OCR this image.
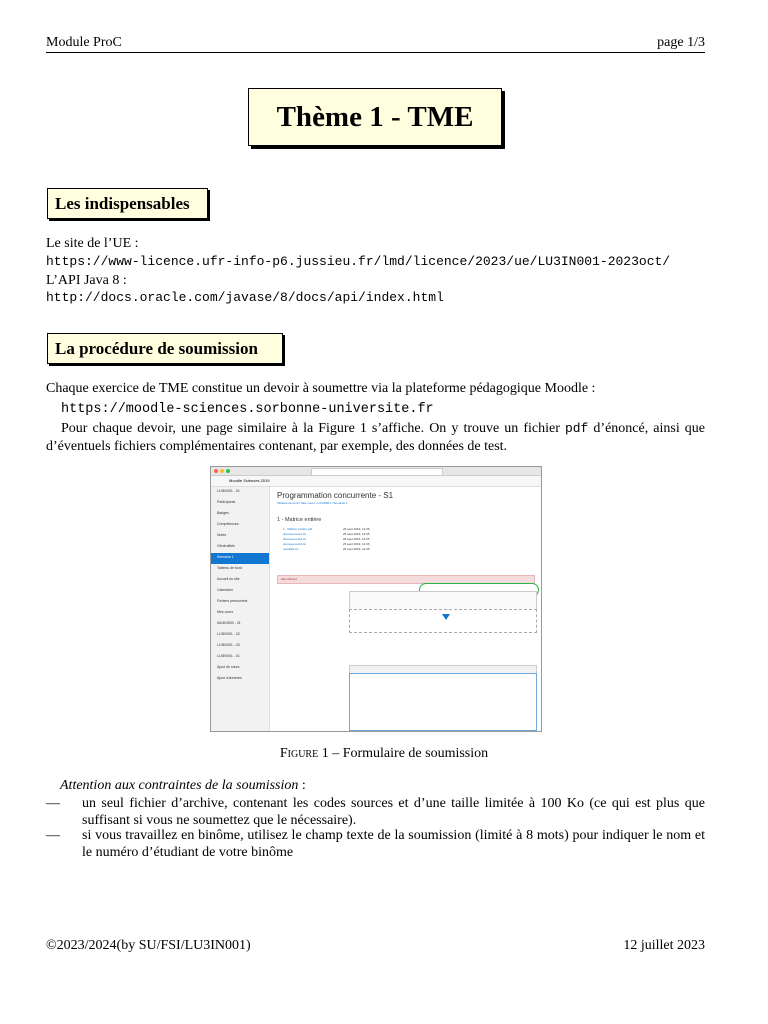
Module ProC	page 1/3
Thème 1 - TME
Les indispensables
Le site de l’UE :
https://www-licence.ufr-info-p6.jussieu.fr/lmd/licence/2023/ue/LU3IN001-2023oct/
L’API Java 8 :
http://docs.oracle.com/javase/8/docs/api/index.html
La procédure de soumission
Chaque exercice de TME constitue un devoir à soumettre via la plateforme pédagogique Moodle :
https://moodle-sciences.sorbonne-universite.fr
Pour chaque devoir, une page similaire à la Figure 1 s’affiche. On y trouve un fichier pdf d’énoncé, ainsi que d’éventuels fichiers complémentaires contenant, par exemple, des données de test.
Moodle Sciences 2019
LU3IN001 - 01
Participants
Badges
Compétences
Notes
Généralités
Semaine 1
Tableau de bord
Accueil du site
Calendrier
Fichiers personnels
Mes cours
MU4IN500 - 01
LU3IN001 - 02
LU3IN001 - 03
LU3IN001 - 01
Ajout de cours
Ajout d'annexes
Programmation concurrente - S1
Tableau de bord / Mes cours / LU3IN001 / Semaine 1
1 - Matrice entière
1 - Matrice entière.pdf	26 sept 2019, 14:36
donnees-test1.txt	26 sept 2019, 14:36
donnees-test2.txt	26 sept 2019, 14:36
donnees-test3.txt	26 sept 2019, 14:36
resultats.txt	26 sept 2019, 14:36
Mes fichiers
Figure 1 – Formulaire de soumission
Attention aux contraintes de la soumission :
— un seul fichier d’archive, contenant les codes sources et d’une taille limitée à 100 Ko (ce qui est plus que suffisant si vous ne soumettez que le nécessaire).
— si vous travaillez en binôme, utilisez le champ texte de la soumission (limité à 8 mots) pour indiquer le nom et le numéro d’étudiant de votre binôme
©2023/2024(by SU/FSI/LU3IN001)	12 juillet 2023
